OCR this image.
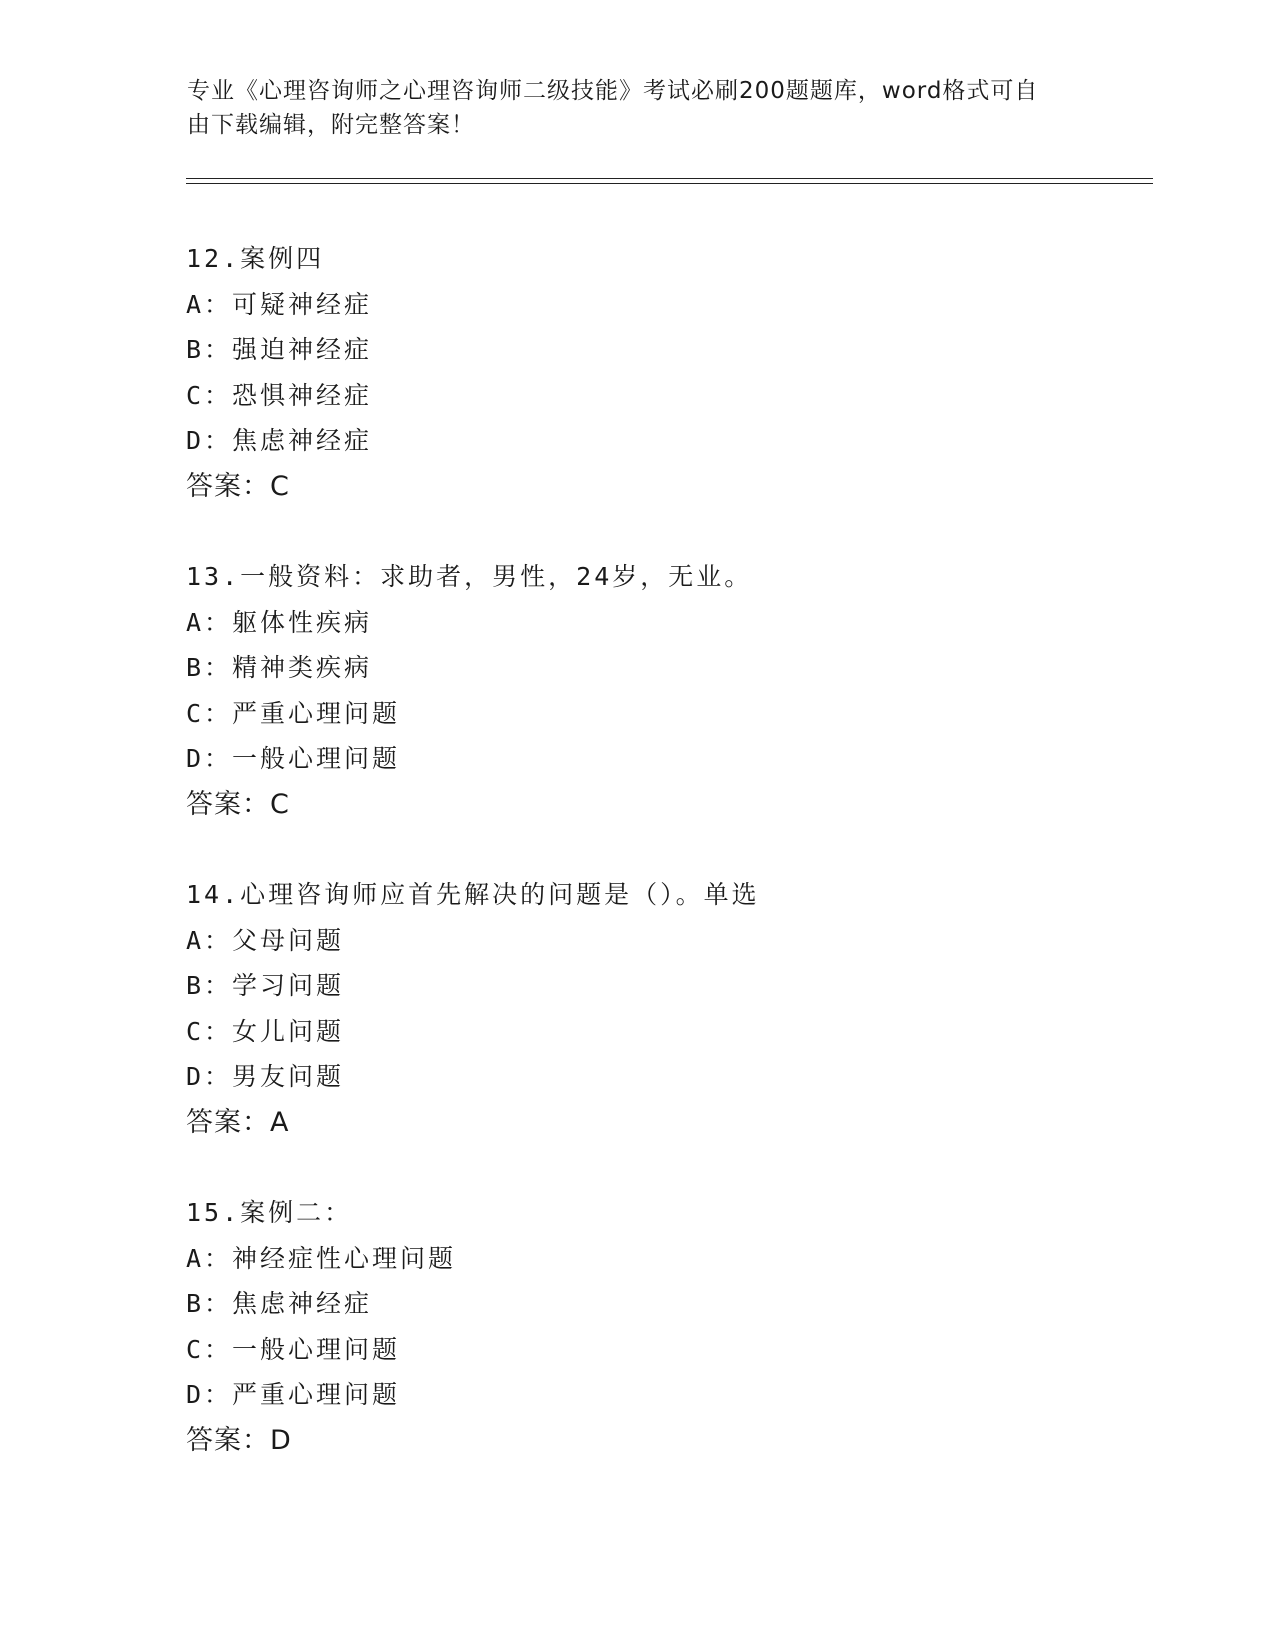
专业《心理咨询师之心理咨询师二级技能》考试必刷200题题库，word格式可自
由下载编辑，附完整答案！
12.案例四
A：可疑神经症
B：强迫神经症
C：恐惧神经症
D：焦虑神经症
答案：C
13.一般资料：求助者，男性，24岁，无业。
A：躯体性疾病
B：精神类疾病
C：严重心理问题
D：一般心理问题
答案：C
14.心理咨询师应首先解决的问题是（）。单选
A：父母问题
B：学习问题
C：女儿问题
D：男友问题
答案：A
15.案例二：
A：神经症性心理问题
B：焦虑神经症
C：一般心理问题
D：严重心理问题
答案：D
